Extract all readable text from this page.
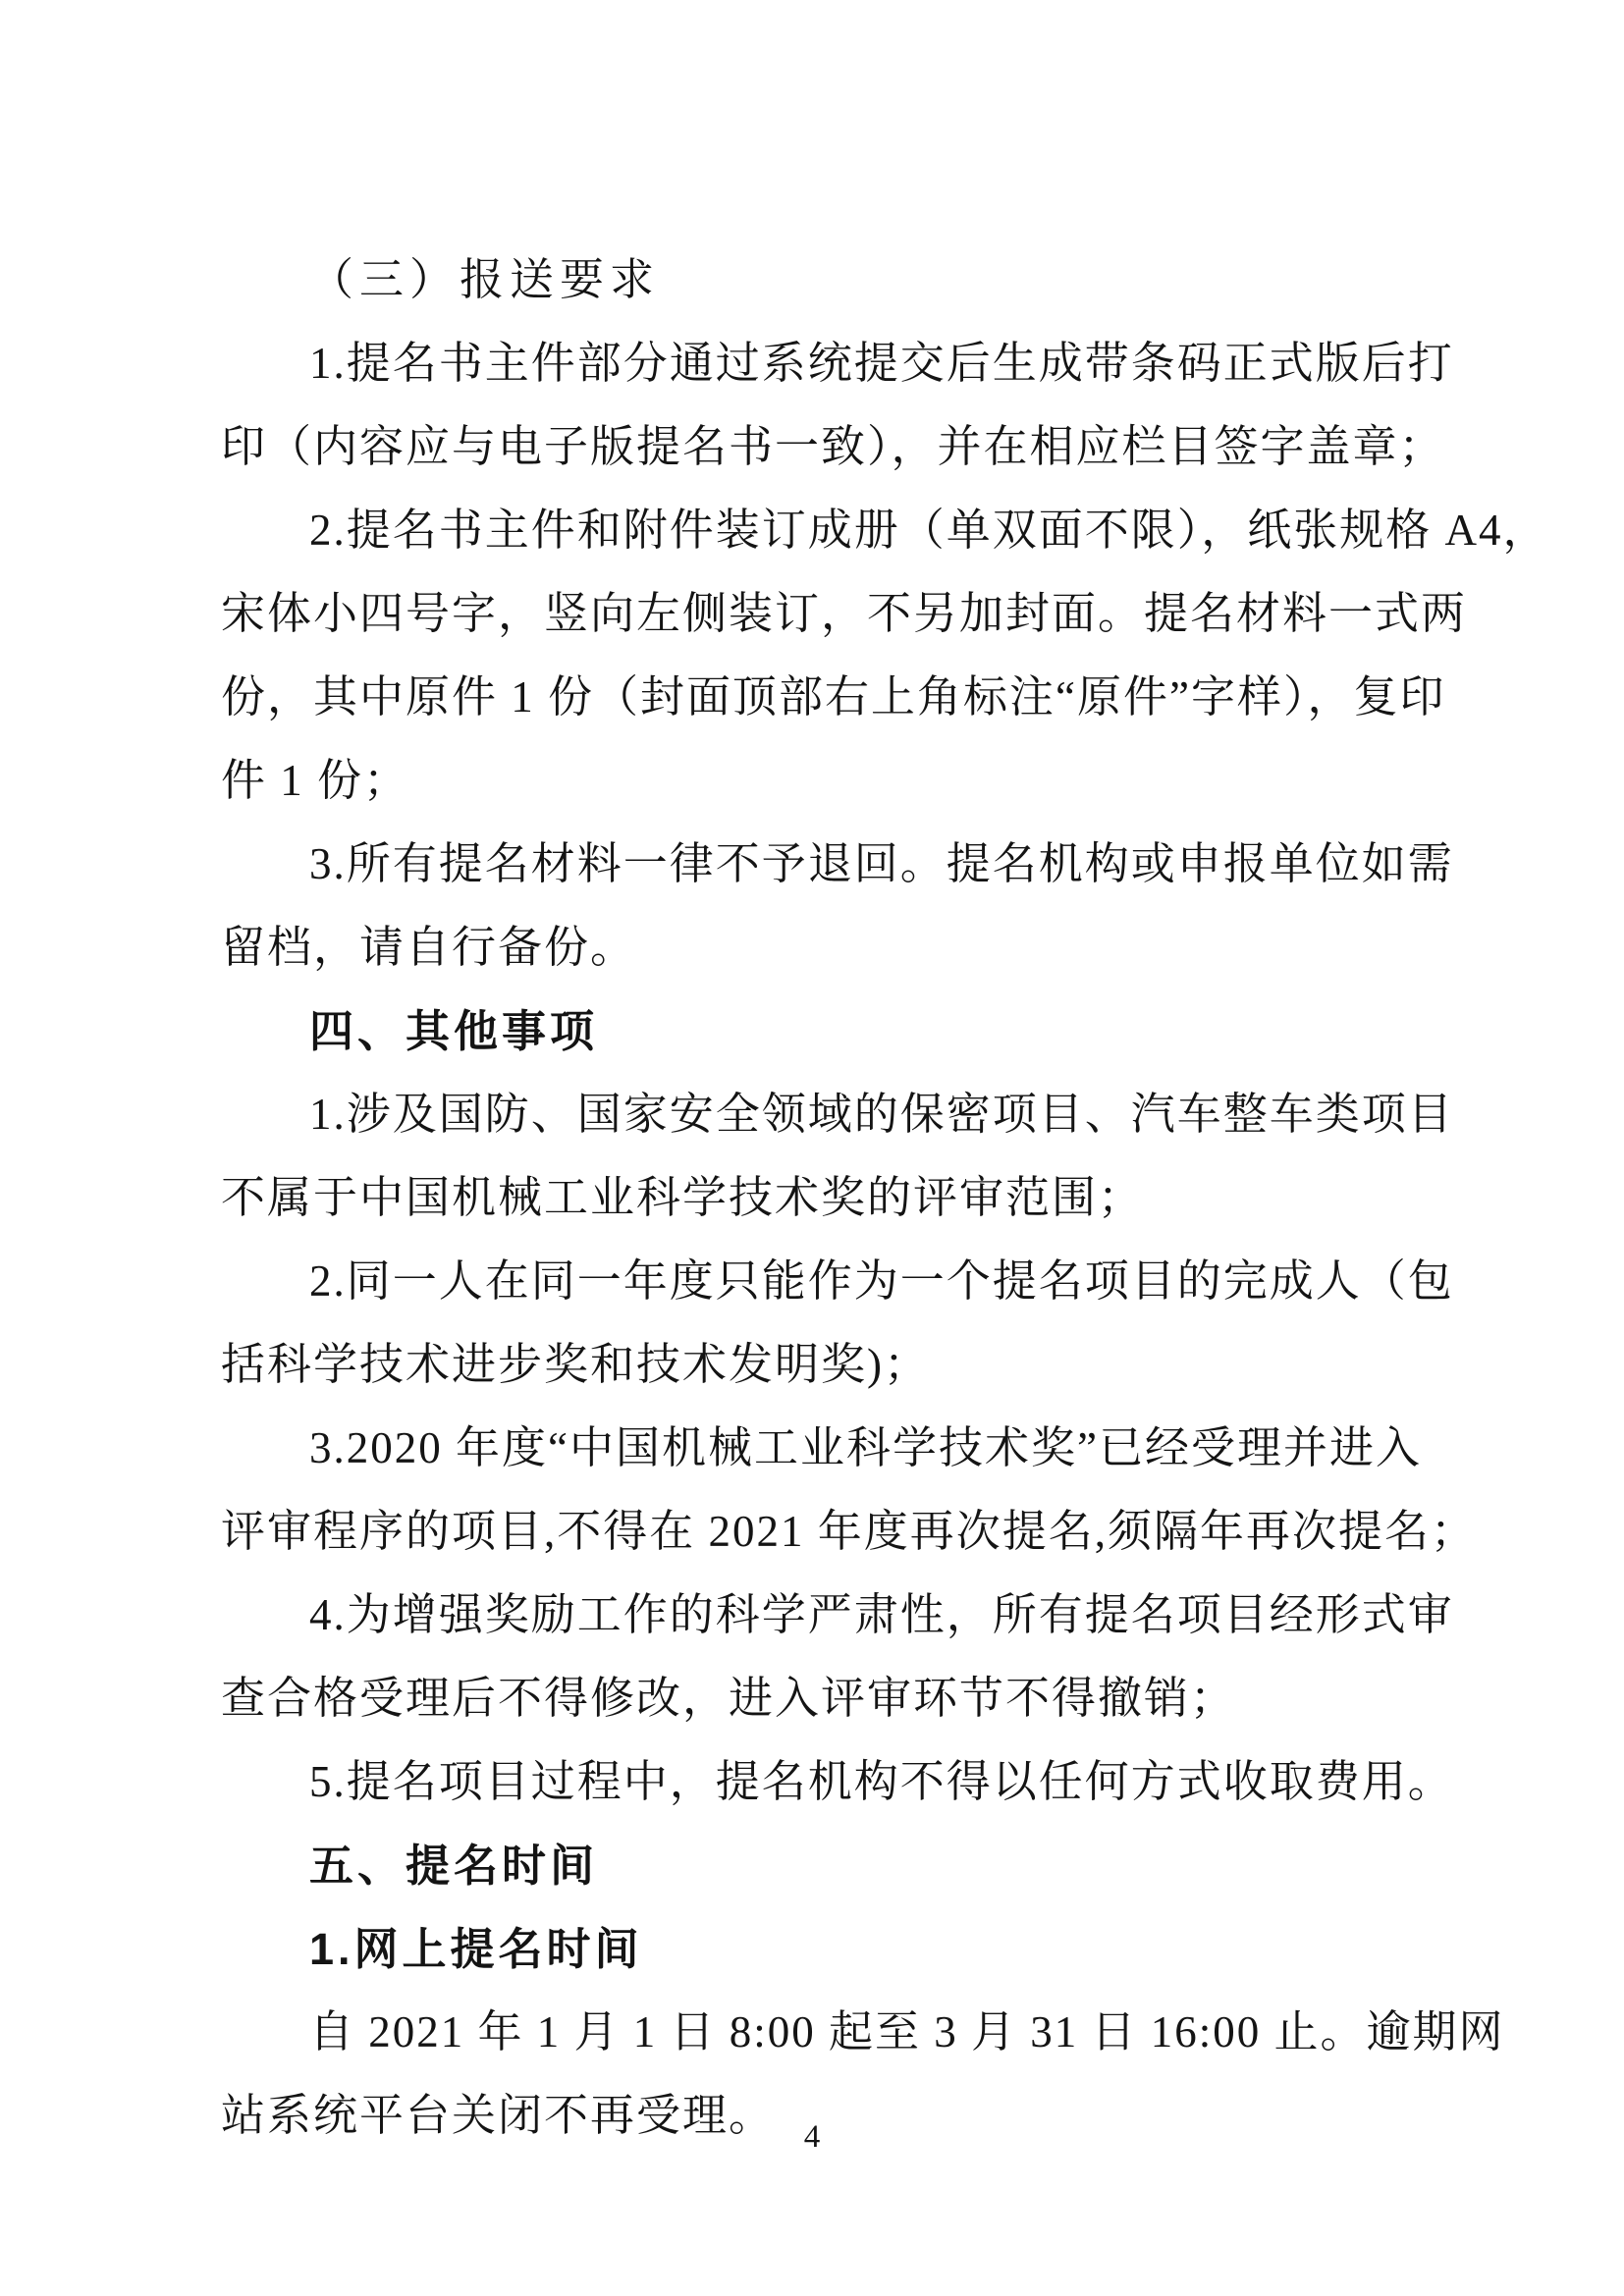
（三）报送要求
1.提名书主件部分通过系统提交后生成带条码正式版后打
印（内容应与电子版提名书一致），并在相应栏目签字盖章；
2.提名书主件和附件装订成册（单双面不限），纸张规格 A4，
宋体小四号字，竖向左侧装订，不另加封面。提名材料一式两
份，其中原件 1 份（封面顶部右上角标注“原件”字样），复印
件 1 份；
3.所有提名材料一律不予退回。提名机构或申报单位如需
留档，请自行备份。
四、其他事项
1.涉及国防、国家安全领域的保密项目、汽车整车类项目
不属于中国机械工业科学技术奖的评审范围；
2.同一人在同一年度只能作为一个提名项目的完成人（包
括科学技术进步奖和技术发明奖)；
3.2020 年度“中国机械工业科学技术奖”已经受理并进入
评审程序的项目,不得在 2021 年度再次提名,须隔年再次提名；
4.为增强奖励工作的科学严肃性，所有提名项目经形式审
查合格受理后不得修改，进入评审环节不得撤销；
5.提名项目过程中，提名机构不得以任何方式收取费用。
五、提名时间
1.网上提名时间
自 2021 年 1 月 1 日 8:00 起至 3 月 31 日 16:00 止。逾期网
站系统平台关闭不再受理。 4
